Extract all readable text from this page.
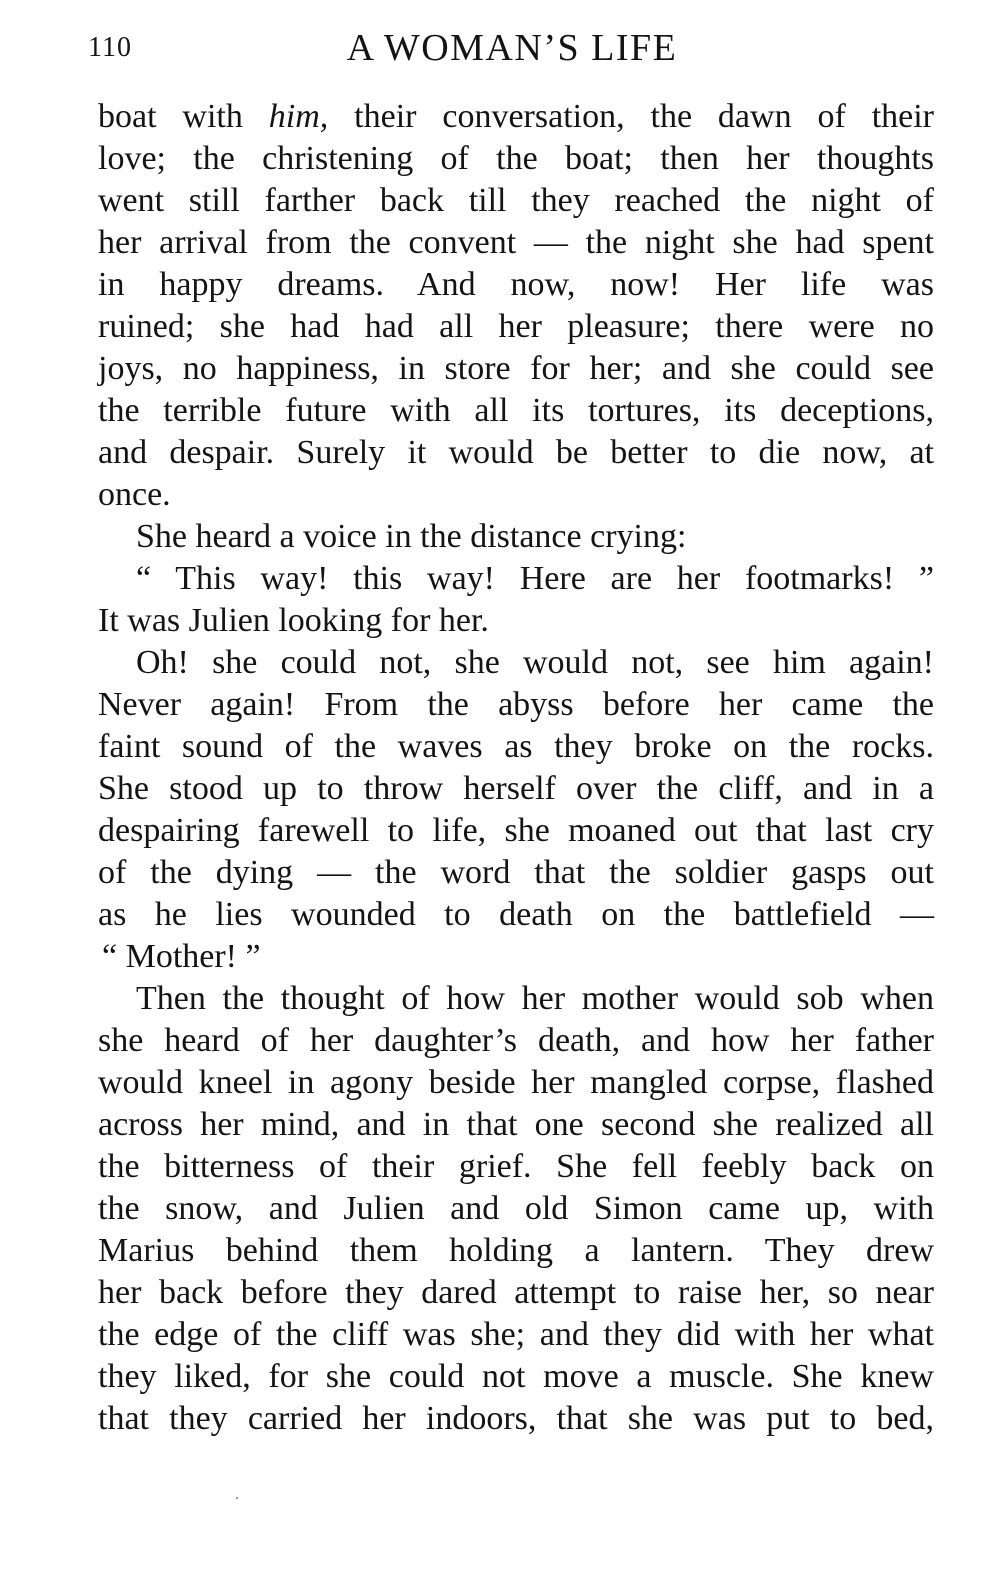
110	A WOMAN’S LIFE

boat with him, their conversation, the dawn of their
love; the christening of the boat; then her thoughts
went still farther back till they reached the night of
her arrival from the convent — the night she had spent
in happy dreams. And now, now! Her life was
ruined; she had had all her pleasure; there were no
joys, no happiness, in store for her; and she could see
the terrible future with all its tortures, its deceptions,
and despair. Surely it would be better to die now, at
once.

She heard a voice in the distance crying:

“ This way! this way! Here are her footmarks! ”
It was Julien looking for her.

Oh! she could not, she would not, see him again!
Never again! From the abyss before her came the
faint sound of the waves as they broke on the rocks.
She stood up to throw herself over the cliff, and in a
despairing farewell to life, she moaned out that last cry
of the dying — the word that the soldier gasps out
as he lies wounded to death on the battlefield —
“ Mother! ”

Then the thought of how her mother would sob when
she heard of her daughter’s death, and how her father
would kneel in agony beside her mangled corpse, flashed
across her mind, and in that one second she realized all
the bitterness of their grief. She fell feebly back on
the snow, and Julien and old Simon came up, with
Marius behind them holding a lantern. They drew
her back before they dared attempt to raise her, so near
the edge of the cliff was she; and they did with her what
they liked, for she could not move a muscle. She knew
that they carried her indoors, that she was put to bed,
